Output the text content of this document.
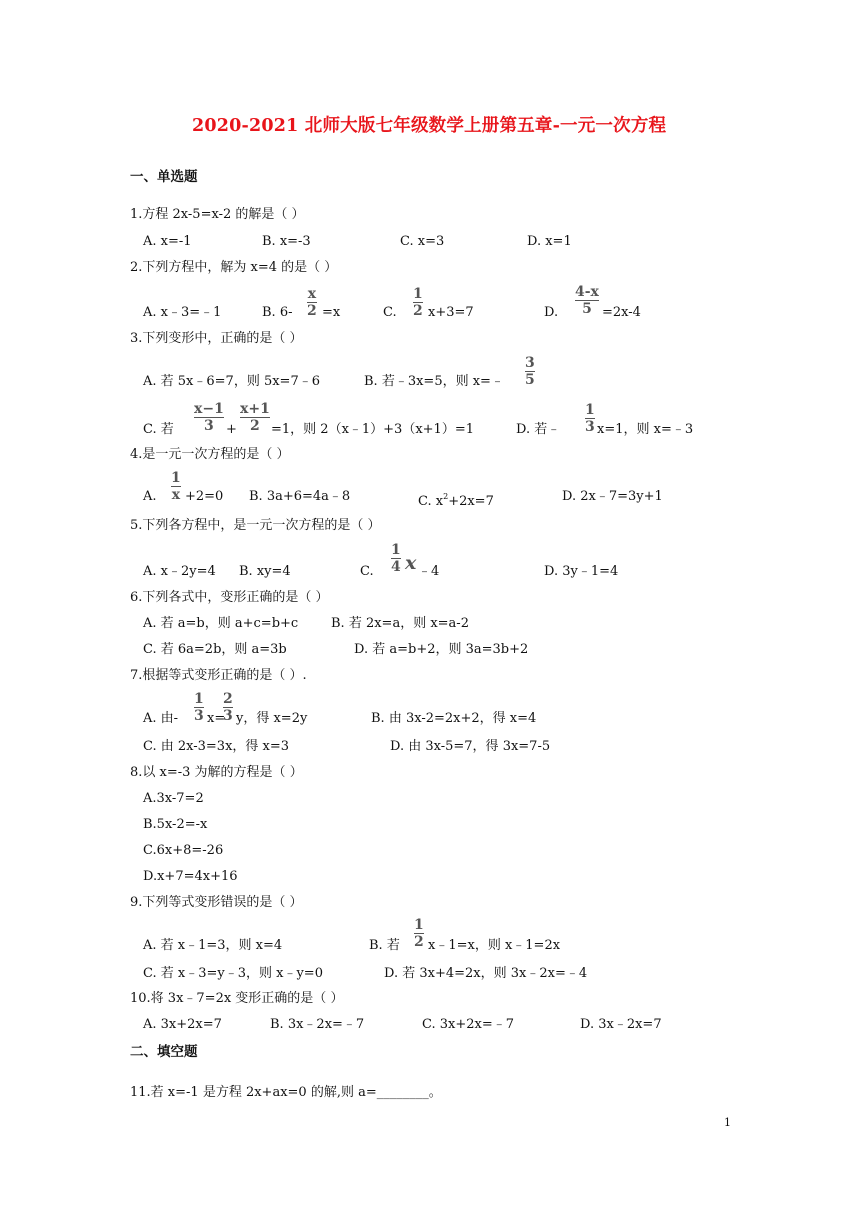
2020-2021 北师大版七年级数学上册第五章-一元一次方程
一、单选题
1.方程 2x-5=x-2 的解是（ ）
A. x=-1	B. x=-3	C. x=3	D. x=1
2.下列方程中，解为 x=4 的是（ ）
A. x﹣3=﹣1	B. 6-
x
2 =x	C.
1
2 x+3=7	D.
4-x
5 =2x-4
3.下列变形中，正确的是（ ）
A. 若 5x﹣6=7，则 5x=7﹣6	B. 若﹣3x=5，则 x=﹣
3
5
C. 若
x−1
3 +
x+1
2 =1，则 2（x﹣1）+3（x+1）=1	D. 若﹣
1
3 x=1，则 x=﹣3
4.是一元一次方程的是（ ）
A.
1
x +2=0 B. 3a+6=4a﹣8	C. $x^2+2x=7$	D. 2x﹣7=3y+1
5.下列各方程中，是一元一次方程的是（ ）
A. x﹣2y=4 B. xy=4	C.
1
4 x ﹣4	D. 3y﹣1=4
6.下列各式中，变形正确的是（ ）
A. 若 a=b，则 a+c=b+c	B. 若 2x=a，则 x=a-2
C. 若 6a=2b，则 a=3b	D. 若 a=b+2，则 3a=3b+2
7.根据等式变形正确的是（ ）.
A. 由-
1
3 x=
2
3 y，得 x=2y	B. 由 3x-2=2x+2，得 x=4
C. 由 2x-3=3x，得 x=3	D. 由 3x-5=7，得 3x=7-5
8.以 x=-3 为解的方程是（ ）
A.3x-7=2
B.5x-2=-x
C.6x+8=-26
D.x+7=4x+16
9.下列等式变形错误的是（ ）
A. 若 x﹣1=3，则 x=4	B. 若
1
2 x﹣1=x，则 x﹣1=2x
C. 若 x﹣3=y﹣3，则 x﹣y=0	D. 若 3x+4=2x，则 3x﹣2x=﹣4
10.将 3x﹣7=2x 变形正确的是（ ）
A. 3x+2x=7	B. 3x﹣2x=﹣7	C. 3x+2x=﹣7	D. 3x﹣2x=7
二、填空题
11.若 x=-1 是方程 2x+ax=0 的解,则 a=________。
1
